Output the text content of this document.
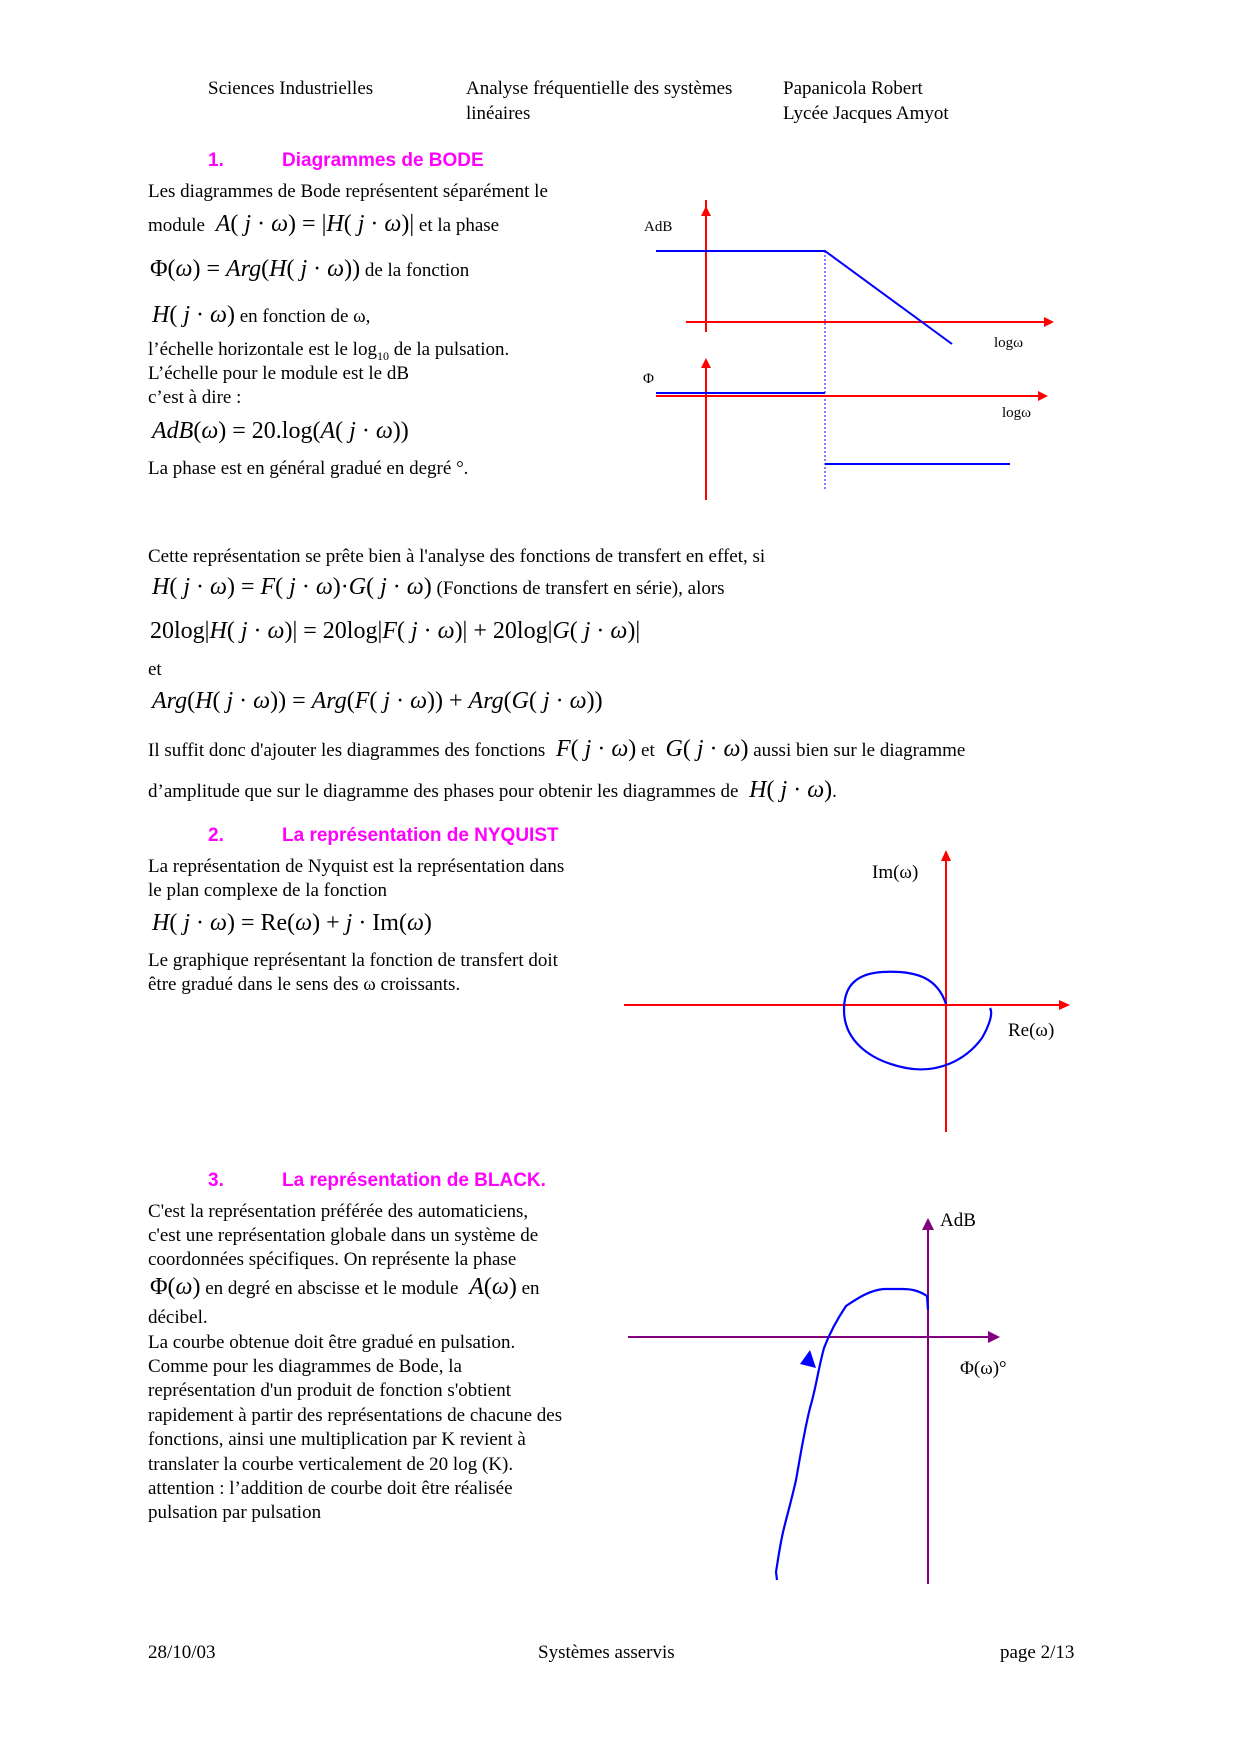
Sciences Industrielles	Analyse fréquentielle des systèmes
linéaires
Papanicola Robert
Lycée Jacques Amyot
1.	Diagrammes de BODE
Les diagrammes de Bode représentent séparément le
module  A( j · ω) = |H( j · ω)| et la phase
Φ(ω) = Arg(H( j · ω)) de la fonction
H( j · ω) en fonction de ω,
l’échelle horizontale est le $\log_{10}$ de la pulsation.
L’échelle pour le module est le dB
c’est à dire :
AdB(ω) = 20.log(A( j · ω))
La phase est en général gradué en degré °.
AdB
logω
Φ
logω
Cette représentation se prête bien à l'analyse des fonctions de transfert en effet, si
H( j · ω) = F( j · ω)·G( j · ω) (Fonctions de transfert en série), alors
20log|H( j · ω)| = 20log|F( j · ω)| + 20log|G( j · ω)|
et
Arg(H( j · ω)) = Arg(F( j · ω)) + Arg(G( j · ω))
Il suffit donc d'ajouter les diagrammes des fonctions  F( j · ω) et  G( j · ω) aussi bien sur le diagramme
d’amplitude que sur le diagramme des phases pour obtenir les diagrammes de  H( j · ω).
2.	La représentation de NYQUIST
La représentation de Nyquist est la représentation dans
le plan complexe de la fonction
H( j · ω) = Re(ω) + j · Im(ω)
Le graphique représentant la fonction de transfert doit
être gradué dans le sens des ω croissants.
Im(ω)
Re(ω)
3.	La représentation de BLACK.
C'est la représentation préférée des automaticiens,
c'est une représentation globale dans un système de
coordonnées spécifiques. On représente la phase
Φ(ω) en degré en abscisse et le module  A(ω) en
décibel.
La courbe obtenue doit être gradué en pulsation.
Comme pour les diagrammes de Bode, la
représentation d'un produit de fonction s'obtient
rapidement à partir des représentations de chacune des
fonctions, ainsi une multiplication par K revient à
translater la courbe verticalement de 20 log (K).
attention : l’addition de courbe doit être réalisée
pulsation par pulsation
AdB
Φ(ω)°
28/10/03	Systèmes asservis	page 2/13
